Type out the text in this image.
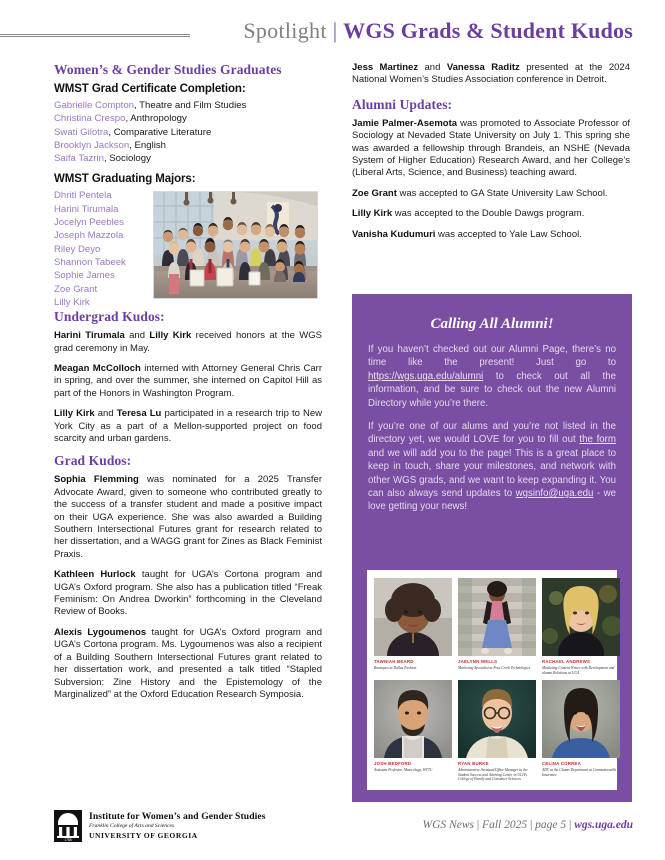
Spotlight | WGS Grads & Student Kudos
Women’s & Gender Studies Graduates
WMST Grad Certificate Completion:
Gabrielle Compton, Theatre and Film Studies
Christina Crespo, Anthropology
Swati Gilotra, Comparative Literature
Brooklyn Jackson, English
Saifa Tazrin, Sociology
WMST Graduating Majors:
Dhriti Pentela
Harini Tirumala
Jocelyn Peebles
Joseph Mazzola
Riley Deyo
Shannon Tabeek
Sophie James
Zoe Grant
Lilly Kirk
Undergrad Kudos:

Harini Tirumala and Lilly Kirk received honors at the WGS grad ceremony in May.

Meagan McColloch interned with Attorney General Chris Carr in spring, and over the summer, she interned on Capitol Hill as part of the Honors in Washington Program.

Lilly Kirk and Teresa Lu participated in a research trip to New York City as a part of a Mellon-supported project on food scarcity and urban gardens.

Grad Kudos:

Sophia Flemming was nominated for a 2025 Transfer Advocate Award, given to someone who contributed greatly to the success of a transfer student and made a positive impact on their UGA experience. She was also awarded a Building Southern Intersectional Futures grant for research related to her dissertation, and a WAGG grant for Zines as Black Feminist Praxis.

Kathleen Hurlock taught for UGA’s Cortona program and UGA’s Oxford program. She also has a publication titled “Freak Feminism: On Andrea Dworkin” forthcoming in the Cleveland Review of Books.

Alexis Lygoumenos taught for UGA’s Oxford program and UGA’s Cortona program. Ms. Lygoumenos was also a recipient of a Building Southern Intersectional Futures grant related to her dissertation work, and presented a talk titled “Stapled Subversion: Zine History and the Epistemology of the Marginalized” at the Oxford Education Research Symposia.

Jess Martinez and Vanessa Raditz presented at the 2024 National Women’s Studies Association conference in Detroit.

Alumni Updates:

Jamie Palmer-Asemota was promoted to Associate Professor of Sociology at Nevaded State University on July 1. This spring she was awarded a fellowship through Brandeis, an NSHE (Nevada System of Higher Education) Research Award, and her College’s (Liberal Arts, Science, and Business) teaching award.

Zoe Grant was accepted to GA State University Law School.

Lilly Kirk was accepted to the Double Dawgs program.

Vanisha Kudumuri was accepted to Yale Law School.

Calling All Alumni!

If you haven’t checked out our Alumni Page, there’s no time like the present! Just go to https://wgs.uga.edu/alumni to check out all the information, and be sure to check out the new Alumni Directory while you’re there.

If you’re one of our alums and you’re not listed in the directory yet, we would LOVE for you to fill out the form and we will add you to the page! This is a great place to keep in touch, share your milestones, and network with other WGS grads, and we want to keep expanding it. You can also always send updates to wgsinfo@uga.edu - we love getting your news!

TAWNIAH BEARD
Boutiques at Dallas Fashion
JAELYNN WELLS
Marketing Specialist at Poss Creek Technologies
RACHAEL ANDREWS
Marketing Content Writer with Development and alumni Relations at UGA
JOSH BEDFORD
Assistant Professor, Musicology, WTTC
RYAN BURKE
Administrative Assistant/Office Manager in the Student Success and Advising Center in UGA’s College of Family and Consumer Sciences
CELINA CORREA
ADV at the Claims Department at Commonwealth Insurance
1785
Institute for Women’s and Gender Studies
Franklin College of Arts and Sciences
UNIVERSITY OF GEORGIA
WGS News | Fall 2025 | page 5 | wgs.uga.edu
